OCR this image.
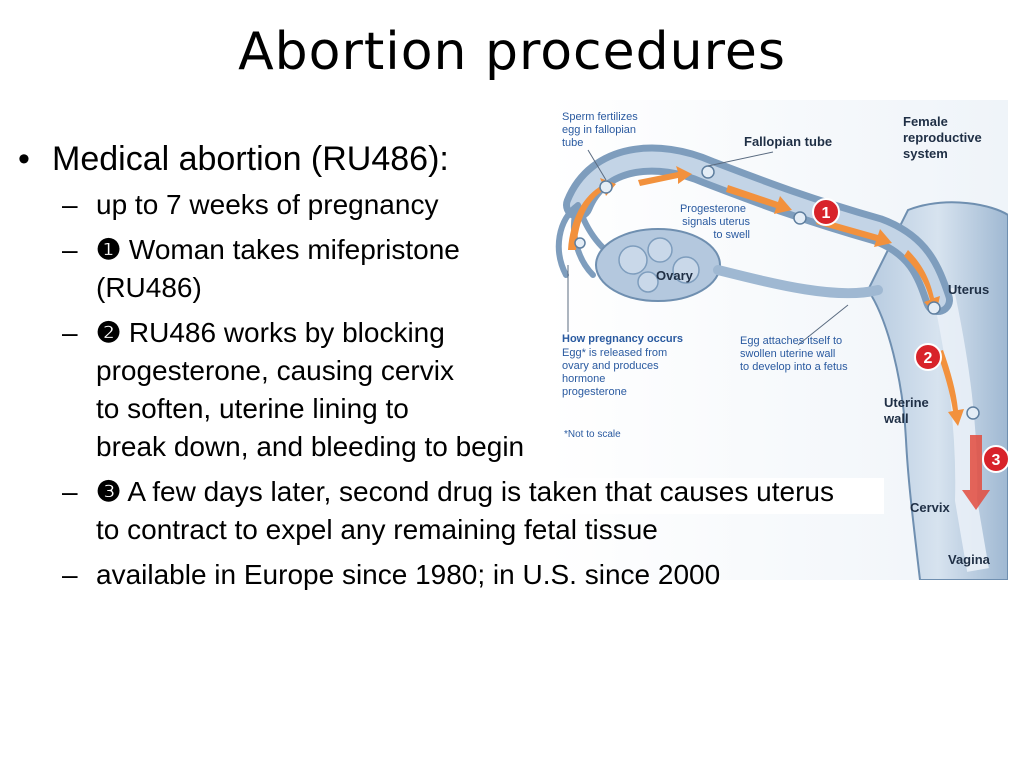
Abortion procedures
1
2
3
Sperm fertilizes
egg in fallopian
tube
Progesterone
signals uterus
to swell
How pregnancy occurs
Egg* is released from
ovary and produces
hormone
progesterone
Egg attaches itself to
swollen uterine wall
to develop into a fetus
*Not to scale
Fallopian tube
Female
reproductive
system
Ovary
Uterus
Uterine
wall
Cervix
Vagina
• Medical abortion (RU486):
– up to 7 weeks of pregnancy
– ❶ Woman takes mifepristone
(RU486)
– ❷ RU486 works by blocking
progesterone, causing cervix
to soften, uterine lining to
break down, and bleeding to begin
– ❸ A few days later, second drug is taken that causes uterus
to contract to expel any remaining fetal tissue
– available in Europe since 1980; in U.S. since 2000
